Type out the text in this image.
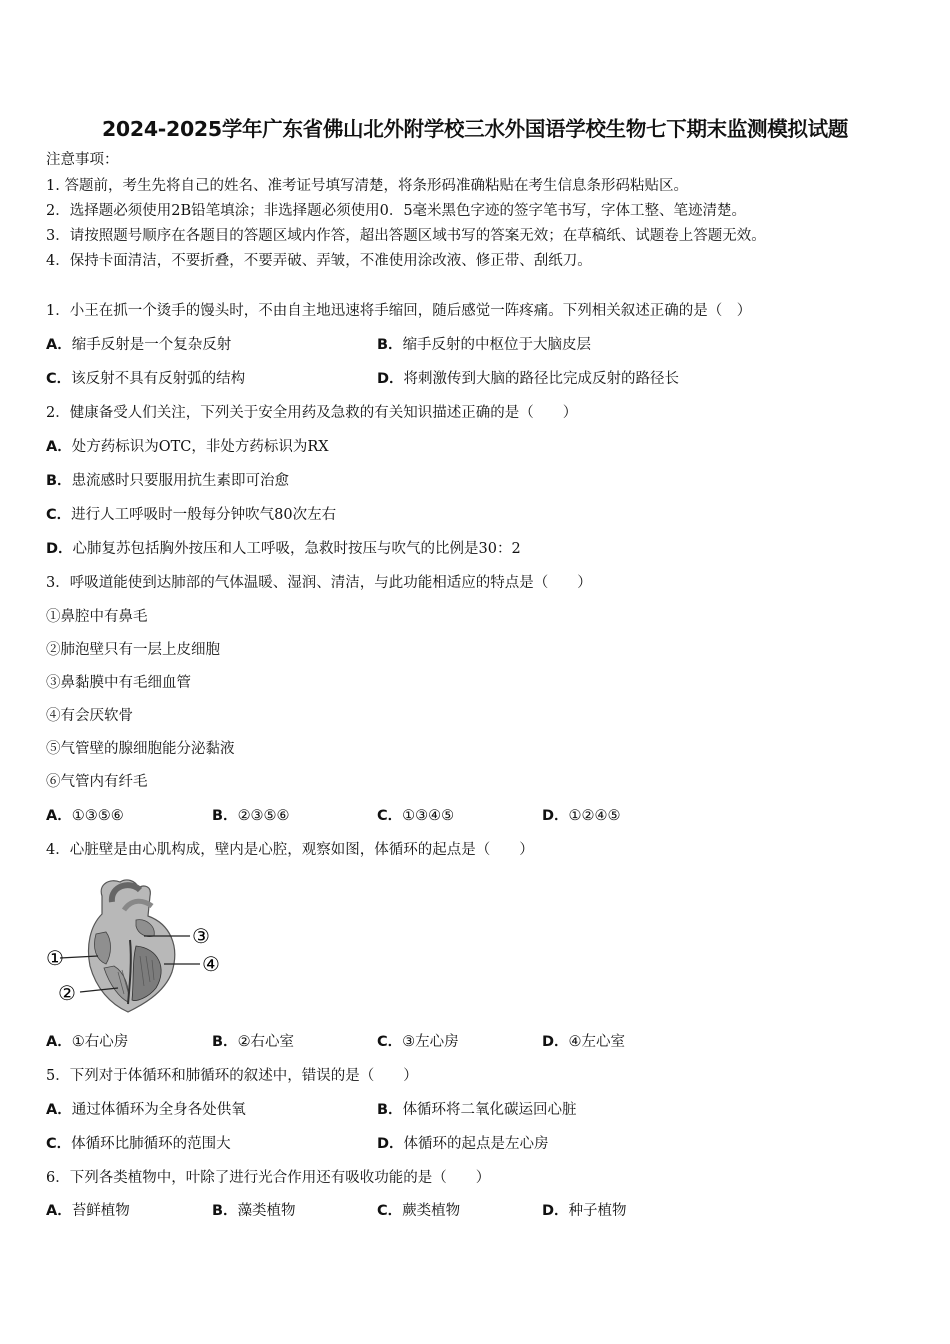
2024-2025学年广东省佛山北外附学校三水外国语学校生物七下期末监测模拟试题
注意事项：
1. 答题前，考生先将自己的姓名、准考证号填写清楚，将条形码准确粘贴在考生信息条形码粘贴区。
2．选择题必须使用2B铅笔填涂；非选择题必须使用0．5毫米黑色字迹的签字笔书写，字体工整、笔迹清楚。
3．请按照题号顺序在各题目的答题区域内作答，超出答题区域书写的答案无效；在草稿纸、试题卷上答题无效。
4．保持卡面清洁，不要折叠，不要弄破、弄皱，不准使用涂改液、修正带、刮纸刀。
1．小王在抓一个烫手的馒头时，不由自主地迅速将手缩回，随后感觉一阵疼痛。下列相关叙述正确的是（　）
A．缩手反射是一个复杂反射	B．缩手反射的中枢位于大脑皮层
C．该反射不具有反射弧的结构	D．将刺激传到大脑的路径比完成反射的路径长
2．健康备受人们关注，下列关于安全用药及急救的有关知识描述正确的是（　　）
A．处方药标识为OTC，非处方药标识为RX
B．患流感时只要服用抗生素即可治愈
C．进行人工呼吸时一般每分钟吹气80次左右
D．心肺复苏包括胸外按压和人工呼吸，急救时按压与吹气的比例是30：2
3．呼吸道能使到达肺部的气体温暖、湿润、清洁，与此功能相适应的特点是（　　）
①鼻腔中有鼻毛
②肺泡壁只有一层上皮细胞
③鼻黏膜中有毛细血管
④有会厌软骨
⑤气管壁的腺细胞能分泌黏液
⑥气管内有纤毛
A．①③⑤⑥	B．②③⑤⑥	C．①③④⑤	D．①②④⑤
4．心脏壁是由心肌构成，壁内是心腔，观察如图，体循环的起点是（　　）
①
②
③
④
A．①右心房	B．②右心室	C．③左心房	D．④左心室
5．下列对于体循环和肺循环的叙述中，错误的是（　　）
A．通过体循环为全身各处供氧	B．体循环将二氧化碳运回心脏
C．体循环比肺循环的范围大	D．体循环的起点是左心房
6．下列各类植物中，叶除了进行光合作用还有吸收功能的是（　　）
A．苔鲜植物	B．藻类植物	C．蕨类植物	D．种子植物
